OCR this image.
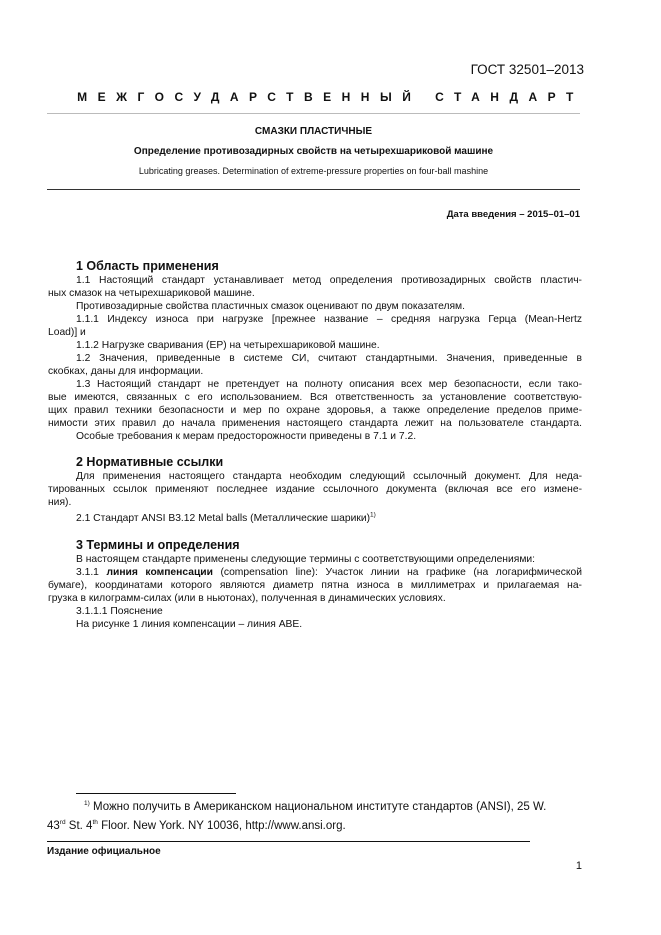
ГОСТ 32501–2013
МЕЖГОСУДАРСТВЕННЫЙ СТАНДАРТ
СМАЗКИ ПЛАСТИЧНЫЕ
Определение противозадирных свойств на четырехшариковой машине
Lubricating greases. Determination of extreme-pressure properties on four-ball mashine
Дата введения – 2015–01–01
1 Область применения
1.1 Настоящий стандарт устанавливает метод определения противозадирных свойств пластич-
ных смазок на четырехшариковой машине.
Противозадирные свойства пластичных смазок оценивают по двум показателям.
1.1.1 Индексу износа при нагрузке [прежнее название – средняя нагрузка Герца (Mean-Hertz
Load)] и
1.1.2 Нагрузке сваривания (EP) на четырехшариковой машине.
1.2 Значения, приведенные в системе СИ, считают стандартными. Значения, приведенные в
скобках, даны для информации.
1.3 Настоящий стандарт не претендует на полноту описания всех мер безопасности, если тако-
вые имеются, связанных с его использованием. Вся ответственность за установление соответствую-
щих правил техники безопасности и мер по охране здоровья, а также определение пределов приме-
нимости этих правил до начала применения настоящего стандарта лежит на пользователе стандарта.
Особые требования к мерам предосторожности приведены в 7.1 и 7.2.
2 Нормативные ссылки
Для применения настоящего стандарта необходим следующий ссылочный документ. Для неда-
тированных ссылок применяют последнее издание ссылочного документа (включая все его измене-
ния).
2.1 Стандарт ANSI B3.12 Metal balls (Металлические шарики)$^{1)}$
3 Термины и определения
В настоящем стандарте применены следующие термины с соответствующими определениями:
3.1.1 линия компенсации (compensation line): Участок линии на графике (на логарифмической
бумаге), координатами которого являются диаметр пятна износа в миллиметрах и прилагаемая на-
грузка в килограмм-силах (или в ньютонах), полученная в динамических условиях.
3.1.1.1 Пояснение
На рисунке 1 линия компенсации – линия ABE.
$^{1)}$ Можно получить в Американском национальном институте стандартов (ANSI), 25 W.
43rd St. 4th Floor. New York. NY 10036, http://www.ansi.org.
Издание официальное
1
